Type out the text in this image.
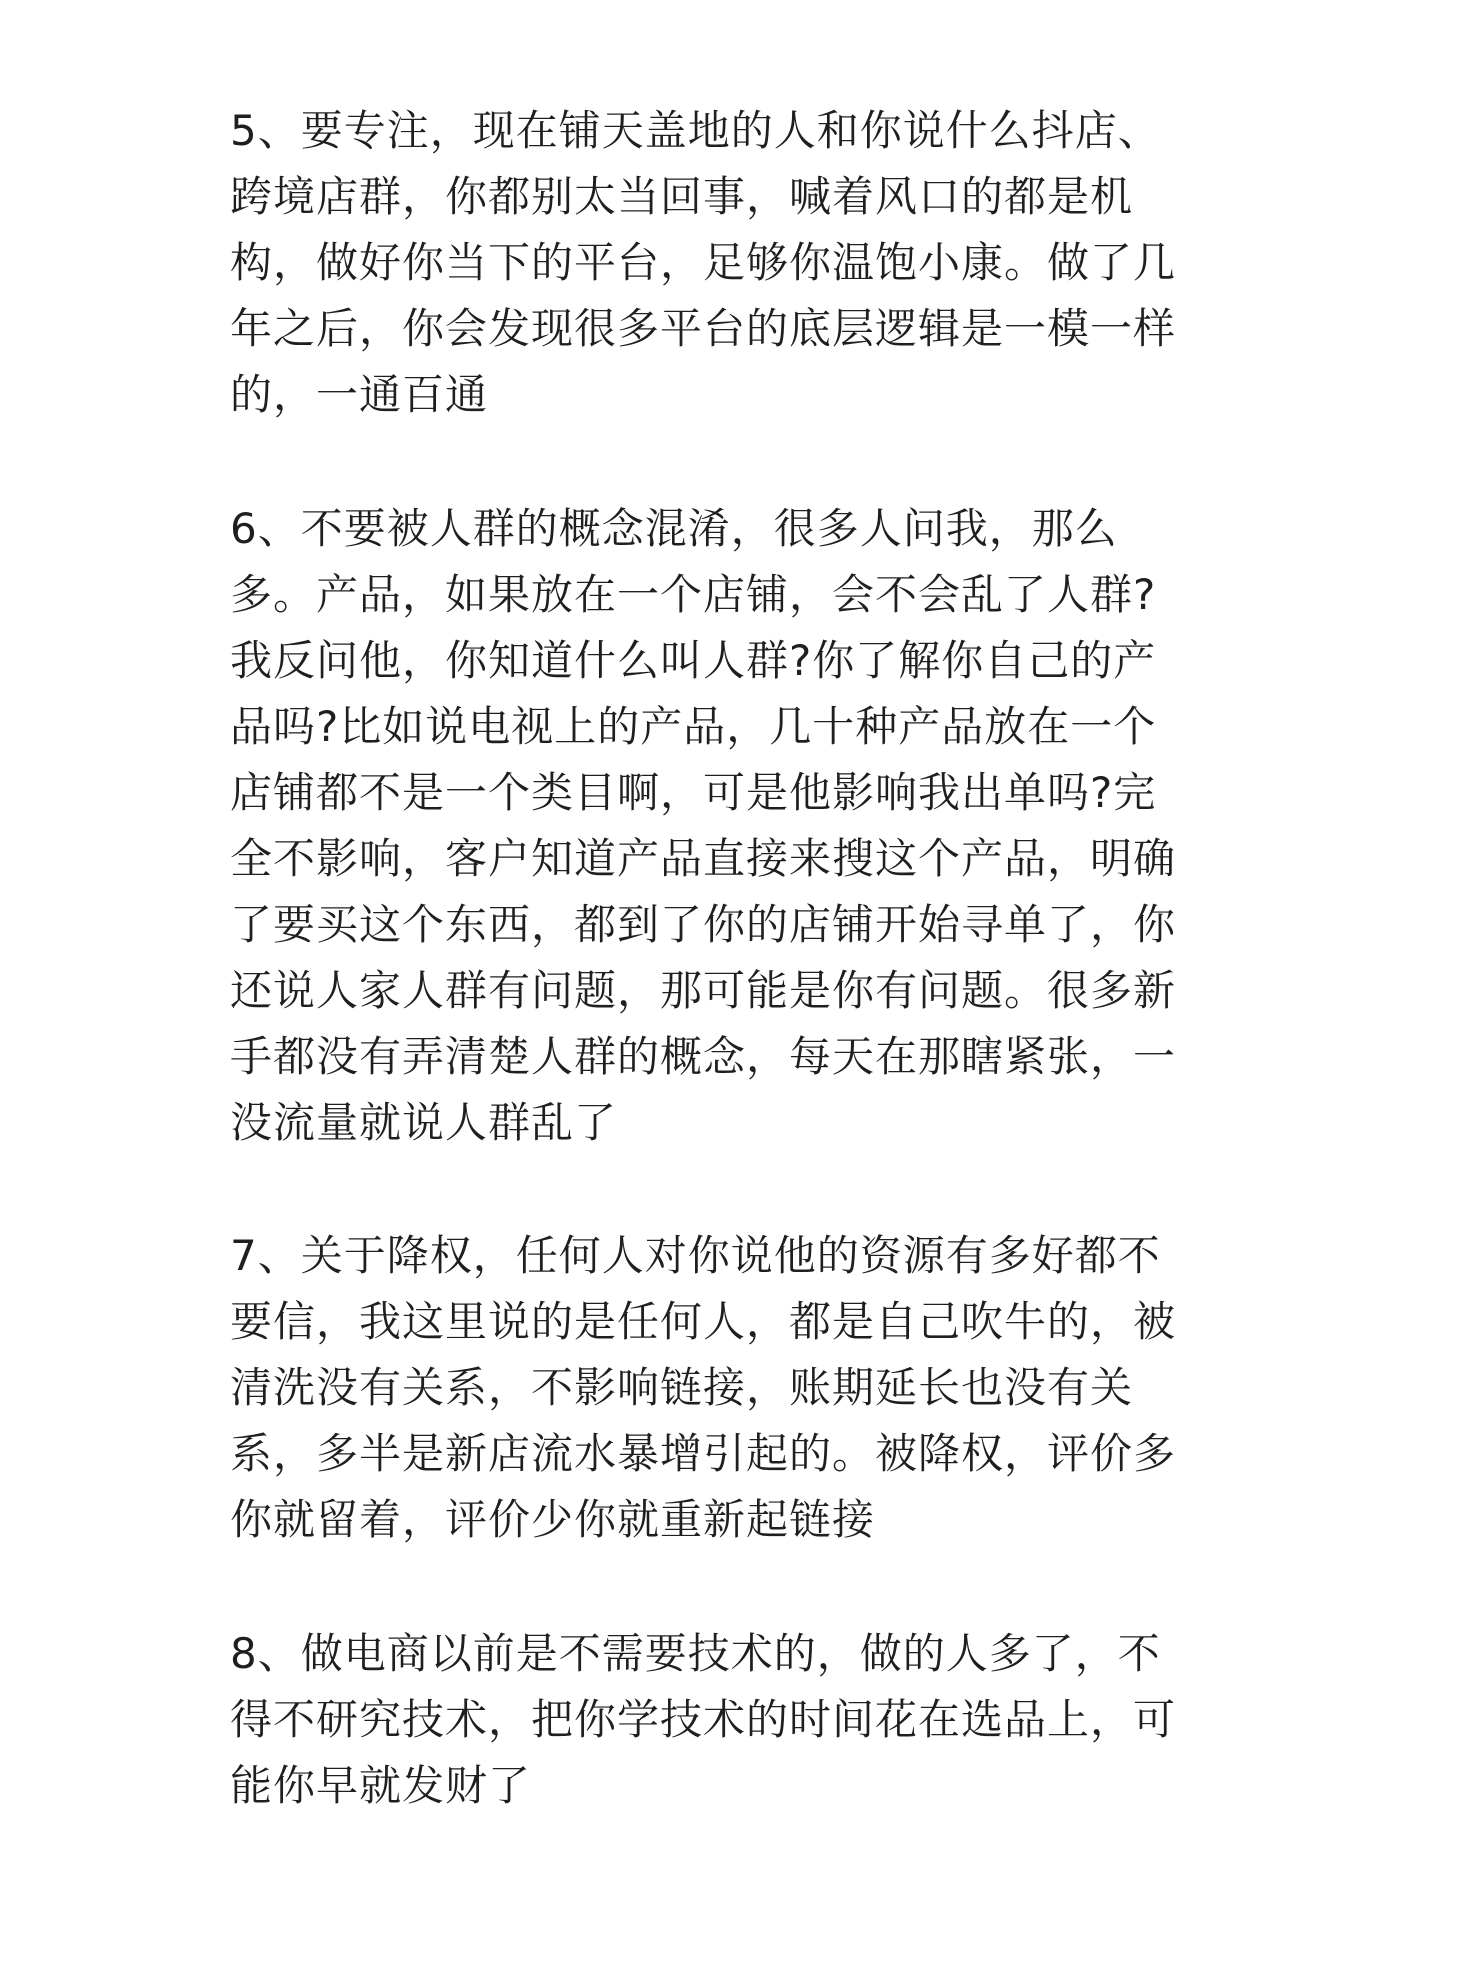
5、要专注，现在铺天盖地的人和你说什么抖店、
跨境店群，你都别太当回事，喊着风口的都是机
构，做好你当下的平台，足够你温饱小康。做了几
年之后，你会发现很多平台的底层逻辑是一模一样
的，一通百通
6、不要被人群的概念混淆，很多人问我，那么
多。产品，如果放在一个店铺，会不会乱了人群?
我反问他，你知道什么叫人群?你了解你自己的产
品吗?比如说电视上的产品，几十种产品放在一个
店铺都不是一个类目啊，可是他影响我出单吗?完
全不影响，客户知道产品直接来搜这个产品，明确
了要买这个东西，都到了你的店铺开始寻单了，你
还说人家人群有问题，那可能是你有问题。很多新
手都没有弄清楚人群的概念，每天在那瞎紧张，一
没流量就说人群乱了
7、关于降权，任何人对你说他的资源有多好都不
要信，我这里说的是任何人，都是自己吹牛的，被
清洗没有关系，不影响链接，账期延长也没有关
系，多半是新店流水暴增引起的。被降权，评价多
你就留着，评价少你就重新起链接
8、做电商以前是不需要技术的，做的人多了，不
得不研究技术，把你学技术的时间花在选品上，可
能你早就发财了
